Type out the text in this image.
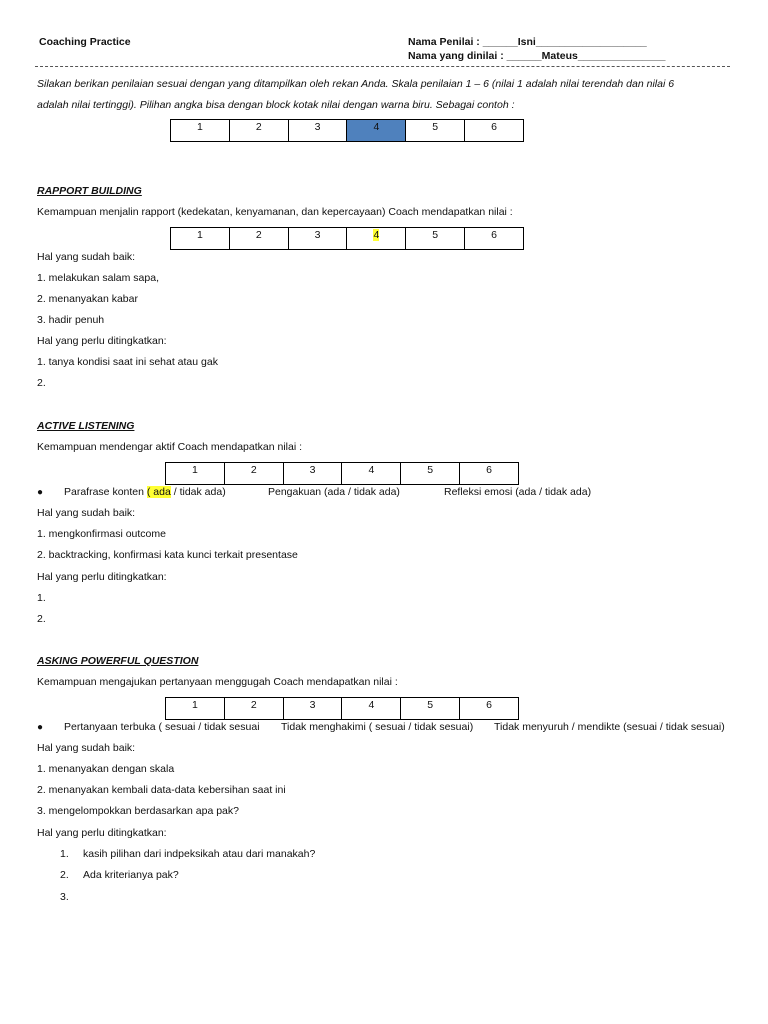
Coaching Practice	Nama Penilai : ______Isni___________________
Nama yang dinilai : ______Mateus_______________
Silakan berikan penilaian sesuai dengan yang ditampilkan oleh rekan Anda. Skala penilaian 1 – 6 (nilai 1 adalah nilai terendah dan nilai 6
adalah nilai tertinggi). Pilihan angka bisa dengan block kotak nilai dengan warna biru. Sebagai contoh :
1	2	3	4	5	6
RAPPORT BUILDING
Kemampuan menjalin rapport (kedekatan, kenyamanan, dan kepercayaan) Coach mendapatkan nilai :
1	2	3	4	5	6
Hal yang sudah baik:
1. melakukan salam sapa,
2. menanyakan kabar
3. hadir penuh
Hal yang perlu ditingkatkan:
1. tanya kondisi saat ini sehat atau gak
2.
ACTIVE LISTENING
Kemampuan mendengar aktif Coach mendapatkan nilai :
1	2	3	4	5	6
● Parafrase konten ( ada / tidak ada)	Pengakuan (ada / tidak ada)	Refleksi emosi (ada / tidak ada)
Hal yang sudah baik:
1. mengkonfirmasi outcome
2. backtracking, konfirmasi kata kunci terkait presentase
Hal yang perlu ditingkatkan:
1.
2.
ASKING POWERFUL QUESTION
Kemampuan mengajukan pertanyaan menggugah Coach mendapatkan nilai :
1	2	3	4	5	6
● Pertanyaan terbuka ( sesuai / tidak sesuai Tidak menghakimi ( sesuai / tidak sesuai) Tidak menyuruh / mendikte (sesuai / tidak sesuai)
Hal yang sudah baik:
1. menanyakan dengan skala
2. menanyakan kembali data-data kebersihan saat ini
3. mengelompokkan berdasarkan apa pak?
Hal yang perlu ditingkatkan:
1. kasih pilihan dari indpeksikah atau dari manakah?
2. Ada kriterianya pak?
3.
